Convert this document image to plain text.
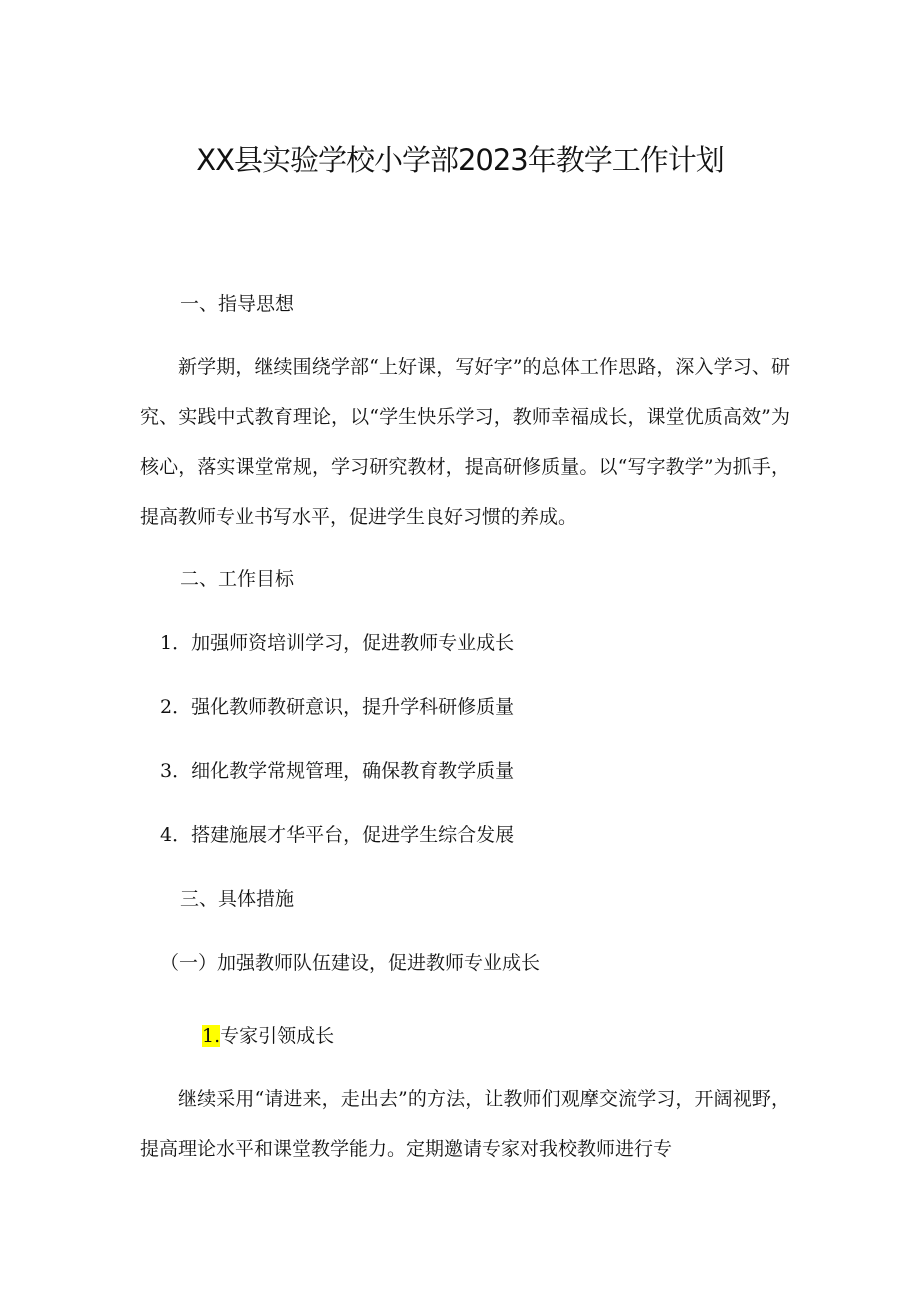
XX县实验学校小学部2023年教学工作计划
一、指导思想
新学期，继续围绕学部“上好课，写好字”的总体工作思路，深入学习、研究、实践中式教育理论，以“学生快乐学习，教师幸福成长，课堂优质高效”为核心，落实课堂常规，学习研究教材，提高研修质量。以“写字教学”为抓手，提高教师专业书写水平，促进学生良好习惯的养成。
二、工作目标
1．加强师资培训学习，促进教师专业成长
2．强化教师教研意识，提升学科研修质量
3．细化教学常规管理，确保教育教学质量
4．搭建施展才华平台，促进学生综合发展
三、具体措施
（一）加强教师队伍建设，促进教师专业成长
1.专家引领成长
继续采用“请进来，走出去”的方法，让教师们观摩交流学习，开阔视野，提高理论水平和课堂教学能力。定期邀请专家对我校教师进行专
